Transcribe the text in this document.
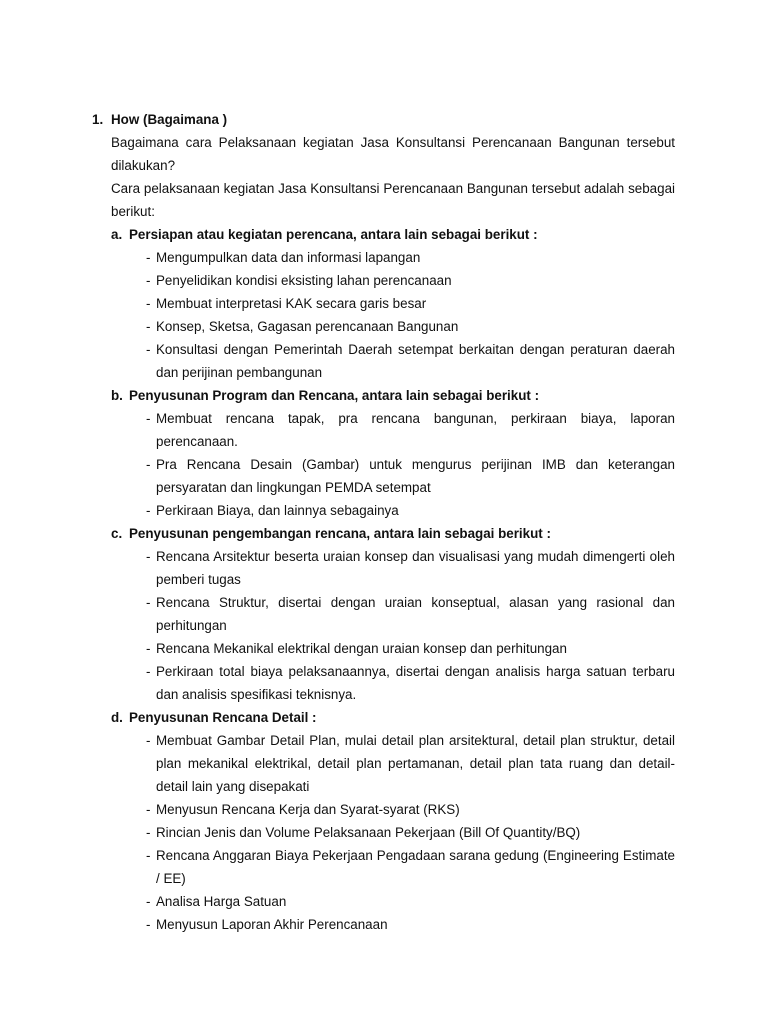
1. How (Bagaimana )
Bagaimana cara Pelaksanaan kegiatan Jasa Konsultansi Perencanaan Bangunan tersebut dilakukan?
Cara pelaksanaan kegiatan Jasa Konsultansi Perencanaan Bangunan tersebut adalah sebagai berikut:
a. Persiapan atau kegiatan perencana, antara lain sebagai berikut :
- Mengumpulkan data dan informasi lapangan
- Penyelidikan kondisi eksisting lahan perencanaan
- Membuat interpretasi KAK secara garis besar
- Konsep, Sketsa, Gagasan perencanaan Bangunan
- Konsultasi dengan Pemerintah Daerah setempat berkaitan dengan peraturan daerah dan perijinan pembangunan
b. Penyusunan Program dan Rencana, antara lain sebagai berikut :
- Membuat rencana tapak, pra rencana bangunan, perkiraan biaya, laporan perencanaan.
- Pra Rencana Desain (Gambar) untuk mengurus perijinan IMB dan keterangan persyaratan dan lingkungan PEMDA setempat
- Perkiraan Biaya, dan lainnya sebagainya
c. Penyusunan pengembangan rencana, antara lain sebagai berikut :
- Rencana Arsitektur beserta uraian konsep dan visualisasi yang mudah dimengerti oleh pemberi tugas
- Rencana Struktur, disertai dengan uraian konseptual, alasan yang rasional dan perhitungan
- Rencana Mekanikal elektrikal dengan uraian konsep dan perhitungan
- Perkiraan total biaya pelaksanaannya, disertai dengan analisis harga satuan terbaru dan analisis spesifikasi teknisnya.
d. Penyusunan Rencana Detail :
- Membuat Gambar Detail Plan, mulai detail plan arsitektural, detail plan struktur, detail plan mekanikal elektrikal, detail plan pertamanan, detail plan tata ruang dan detail-detail lain yang disepakati
- Menyusun Rencana Kerja dan Syarat-syarat (RKS)
- Rincian Jenis dan Volume Pelaksanaan Pekerjaan (Bill Of Quantity/BQ)
- Rencana Anggaran Biaya Pekerjaan Pengadaan sarana gedung (Engineering Estimate / EE)
- Analisa Harga Satuan
- Menyusun Laporan Akhir Perencanaan
